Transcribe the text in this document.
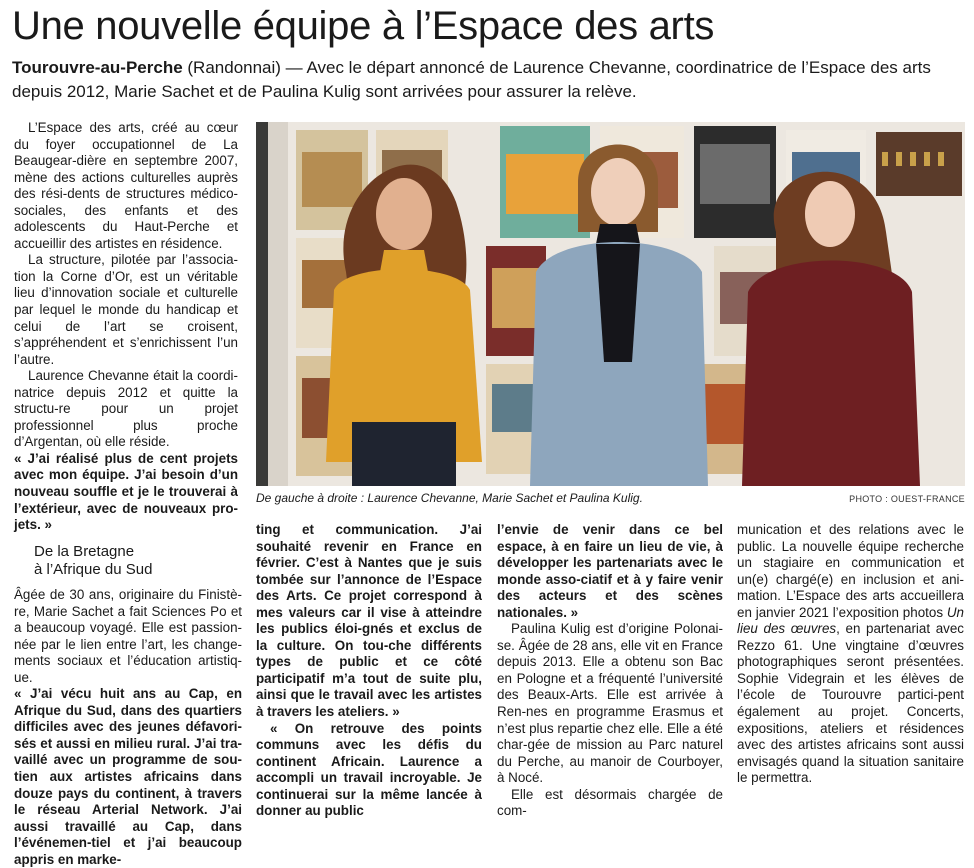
Une nouvelle équipe à l’Espace des arts

Tourouvre-au-Perche (Randonnai) — Avec le départ annoncé de Laurence Chevanne, coordinatrice de l’Espace des arts depuis 2012, Marie Sachet et de Paulina Kulig sont arrivées pour assurer la relève.

L’Espace des arts, créé au cœur du foyer occupationnel de La Beaugear-dière en septembre 2007, mène des actions culturelles auprès des rési-dents de structures médico-sociales, des enfants et des adolescents du Haut-Perche et accueillir des artistes en résidence.

La structure, pilotée par l’associa-tion la Corne d’Or, est un véritable lieu d’innovation sociale et culturelle par lequel le monde du handicap et celui de l’art se croisent, s’appréhendent et s’enrichissent l’un l’autre.

Laurence Chevanne était la coordi-natrice depuis 2012 et quitte la structu-re pour un projet professionnel plus proche d’Argentan, où elle réside.

« J’ai réalisé plus de cent projets avec mon équipe. J’ai besoin d’un nouveau souffle et je le trouverai à l’extérieur, avec de nouveaux pro-jets. »

De gauche à droite : Laurence Chevanne, Marie Sachet et Paulina Kulig.	PHOTO : OUEST-FRANCE
De la Bretagne
à l’Afrique du Sud

Âgée de 30 ans, originaire du Finistè-re, Marie Sachet a fait Sciences Po et a beaucoup voyagé. Elle est passion-née par le lien entre l’art, les change-ments sociaux et l’éducation artistiq-ue.

« J’ai vécu huit ans au Cap, en Afrique du Sud, dans des quartiers difficiles avec des jeunes défavori-sés et aussi en milieu rural. J’ai tra-vaillé avec un programme de sou-tien aux artistes africains dans douze pays du continent, à travers le réseau Arterial Network. J’ai aussi travaillé au Cap, dans l’événemen-tiel et j’ai beaucoup appris en marke-

ting et communication. J’ai souhaité revenir en France en février. C’est à Nantes que je suis tombée sur l’annonce de l’Espace des Arts. Ce projet correspond à mes valeurs car il vise à atteindre les publics éloi-gnés et exclus de la culture. On tou-che différents types de public et ce côté participatif m’a tout de suite plu, ainsi que le travail avec les artistes à travers les ateliers. »

« On retrouve des points communs avec les défis du continent Africain. Laurence a accompli un travail incroyable. Je continuerai sur la même lancée à donner au public

l’envie de venir dans ce bel espace, à en faire un lieu de vie, à développer les partenariats avec le monde asso-ciatif et à y faire venir des acteurs et des scènes nationales. »

Paulina Kulig est d’origine Polonai-se. Âgée de 28 ans, elle vit en France depuis 2013. Elle a obtenu son Bac en Pologne et a fréquenté l’université des Beaux-Arts. Elle est arrivée à Ren-nes en programme Erasmus et n’est plus repartie chez elle. Elle a été char-gée de mission au Parc naturel du Perche, au manoir de Courboyer, à Nocé.

Elle est désormais chargée de com-

munication et des relations avec le public. La nouvelle équipe recherche un stagiaire en communication et un(e) chargé(e) en inclusion et ani-mation. L’Espace des arts accueillera en janvier 2021 l’exposition photos Un lieu des œuvres, en partenariat avec Rezzo 61. Une vingtaine d’œuvres photographiques seront présentées. Sophie Videgrain et les élèves de l’école de Tourouvre partici-pent également au projet. Concerts, expositions, ateliers et résidences avec des artistes africains sont aussi envisagés quand la situation sanitaire le permettra.
